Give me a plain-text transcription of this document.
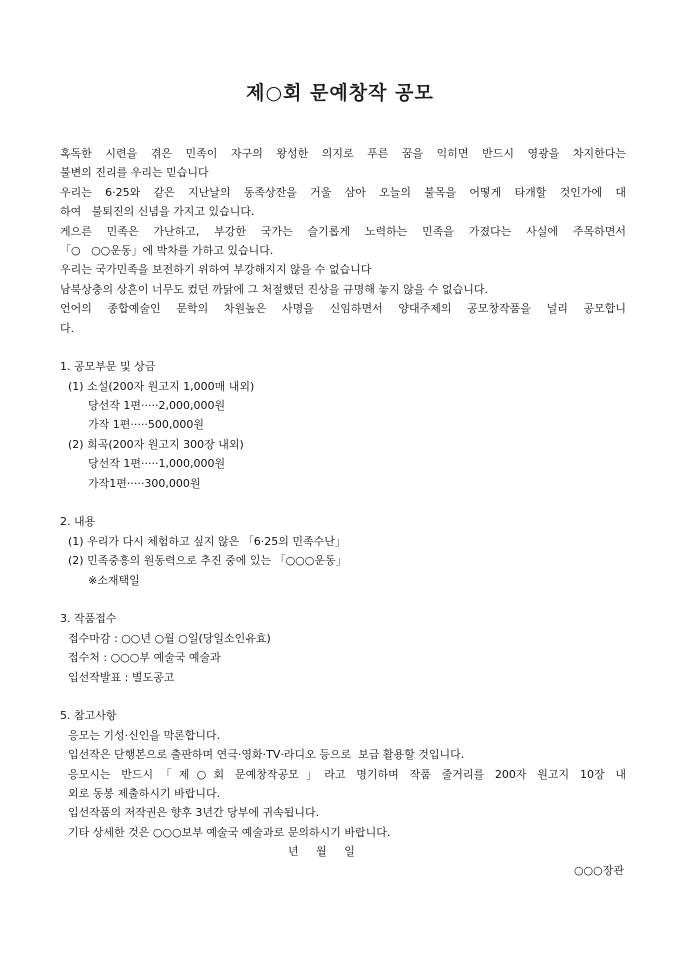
제○회 문예창작 공모
혹독한 시련을 겪은 민족이 자구의 왕성한 의지로 푸른 꿈을 익히면 반드시 영광을 차지한다는
불변의 진리를 우리는 믿습니다
우리는 6·25와 같은 지난날의 동족상잔을 거울 삼아 오늘의 불목을 어떻게 타개할 것인가에 대
하여   불퇴진의 신념을 가지고 있습니다.
게으른 민족은 가난하고, 부강한 국가는 슬기롭게 노력하는 민족을 가졌다는 사실에 주목하면서
「○   ○○운동」에 박차를 가하고 있습니다.
우리는 국가민족을 보전하기 위하여 부강해지지 않을 수 없습니다
남북상충의 상흔이 너무도 컸던 까닭에 그 처절했던 진상을 규명해 놓지 않을 수 없습니다.
언어의 종합예술인 문학의 차원높은 사명을 신임하면서 양대주제의 공모창작품을 널리 공모합니
다.
1. 공모부문 및 상금
(1) 소설(200자 원고지 1,000매 내외)
당선작 1편·····2,000,000원
가작 1편·····500,000원
(2) 희곡(200자 원고지 300장 내외)
당선작 1편·····1,000,000원
가작1편·····300,000원
2. 내용
(1) 우리가 다시 체험하고 싶지 않은 「6·25의 민족수난」
(2) 민족중흥의 원동력으로 추진 중에 있는 「○○○운동」
※소재택일
3. 작품접수
접수마감 : ○○년 ○월 ○일(당일소인유효)
접수처 : ○○○부 예술국 예술과
입선작발표 : 별도공고
5. 참고사항
응모는 기성·신인을 막론합니다.
입선작은 단행본으로 출판하며 연극·영화·TV·라디오 등으로  보급 활용할 것입니다.
응모시는 반드시「제○회 문예창작공모」라고 명기하며 작품 줄거리를 200자 원고지 10장 내
외로 동봉 제출하시기 바랍니다.
입선작품의 저작권은 향후 3년간 당부에 귀속됩니다.
기타 상세한 것은 ○○○보부 예술국 예술과로 문의하시기 바랍니다.
년     월     일
○○○장관
